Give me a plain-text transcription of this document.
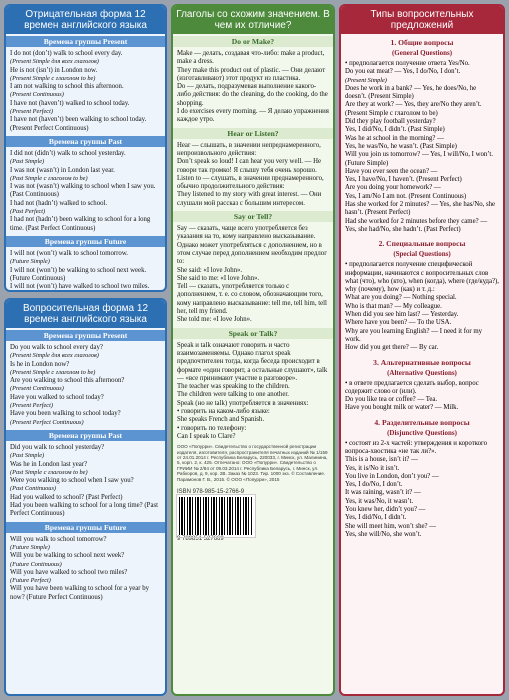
Отрицательная форма 12 времен английского языка
Времена группы Present
I do not (don’t) walk to school every day.
(Present Simple для всех глаголов)
He is not (isn’t) in London now.
(Present Simple с глаголом to be)
I am not walking to school this afternoon.
(Present Continuous)
I have not (haven’t) walked to school today.
(Present Perfect)
I have not (haven’t) been walking to school today. (Present Perfect Continuous)
Времена группы Past
I did not (didn’t) walk to school yesterday.
(Past Simple)
I was not (wasn’t) in London last year.
(Past Simple с глаголом to be)
I was not (wasn’t) walking to school when I saw you. (Past Continuous)
I had not (hadn’t) walked to school.
(Past Perfect)
I had not (hadn’t) been walking to school for a long time. (Past Perfect Continuous)
Времена группы Future
I will not (won’t) walk to school tomorrow.
(Future Simple)
I will not (won’t) be walking to school next week. (Future Continuous)
I will not (won’t) have walked to school two miles.
Вопросительная форма 12 времен английского языка
Времена группы Present
Do you walk to school every day?
(Present Simple для всех глаголов)
Is he in London now?
(Present Simple с глаголом to be)
Are you walking to school this afternoon?
(Present Continuous)
Have you walked to school today?
(Present Perfect)
Have you been walking to school today?
(Present Perfect Continuous)
Времена группы Past
Did you walk to school yesterday?
(Past Simple)
Was he in London last year?
(Past Simple с глаголом to be)
Were you walking to school when I saw you?
(Past Continuous)
Had you walked to school? (Past Perfect)
Had you been walking to school for a long time? (Past Perfect Continuous)
Времена группы Future
Will you walk to school tomorrow?
(Future Simple)
Will you be walking to school next week?
(Future Continuous)
Will you have walked to school two miles?
(Future Perfect)
Will you have been walking to school for a year by now? (Future Perfect Continuous)
Глаголы со схожим значением. В чем их отличие?
Do or Make?
Make — делать, создавая что-либо: make a product, make a dress.
They make this product out of plastic. — Они делают (изготавливают) этот продукт из пластика.
Do — делать, подразумевая выполнение какого-либо действия: do the cleaning, do the cooking, do the shopping.
I do exercises every morning. — Я делаю упражнения каждое утро.
Hear or Listen?
Hear — слышать, в значении непреднамеренного, непроизвольного действия:
Don’t speak so loud! I can hear you very well. — Не говори так громко! Я слышу тебя очень хорошо.
Listen to — слушать, в значении преднамеренного, обычно продолжительного действия:
They listened to my story with great interest. — Они слушали мой рассказ с большим интересом.
Say or Tell?
Say — сказать, чаще всего употребляется без указания на то, кому направлено высказывание. Однако может употребляться с дополнением, но в этом случае перед дополнением необходим предлог to:
She said: «I love John».
She said to me: «I love John».
Tell — сказать, употребляется только с дополнением, т. е. со словом, обозначающим того, кому направлено высказывание: tell me, tell him, tell her, tell my friend.
She told me: «I love John».
Speak or Talk?
Speak и talk означают говорить и часто взаимозаменяемы. Однако глагол speak предпочтителен тогда, когда беседа происходит в формате «один говорит, а остальные слушают», talk — «все принимают участие в разговоре».
The teacher was speaking to the children.
The children were talking to one another.
Speak (но не talk) употребляется в значениях:
• говорить на каком-либо языке:
She speaks French and Spanish.
• говорить по телефону:
Can I speak to Clare?
ООО «Попурри». Свидетельство о государственной регистрации издателя, изготовителя, распространителя печатных изданий № 1/159 от 24.01.2014 г. Республика Беларусь, 220033, г. Минск, ул. Малинина, 5, корп. 2, к. 425. Отпечатано: ООО «Попурри». Свидетельство о ГРИИИ № 2/84 от 09.03.2014 г. Республика Беларусь, г. Минск, ул. Рабкоров, д. 9, кор. 2В. Заказ № 1023. Тир. 1000 экз. © Составление. Парамонов Г. В., 2015. © ООО «Попурри», 2015
ISBN 978-985-15-2766-9
9 789851 527669
Типы вопросительных предложений
1. Общие вопросы
(General Questions)
• предполагается получение ответа Yes/No.
Do you eat meat? — Yes, I do/No, I don’t.
(Present Simple)
Does he work in a bank? — Yes, he does/No, he doesn’t. (Present Simple)
Are they at work? — Yes, they are/No they aren’t. (Present Simple с глаголом to be)
Did they play football yesterday?
Yes, I did/No, I didn’t. (Past Simple)
Was he at school in the morning? —
Yes, he was/No, he wasn’t. (Past Simple)
Will you join us tomorrow? — Yes, I will/No, I won’t. (Future Simple)
Have you ever seen the ocean? —
Yes, I have/No, I haven’t. (Present Perfect)
Are you doing your homework? —
Yes, I am/No I am not. (Present Continuous)
Has she worked for 2 minutes? — Yes, she has/No, she hasn’t. (Present Perfect)
Had she worked for 2 minutes before they came? — Yes, she had/No, she hadn’t. (Past Perfect)
2. Специальные вопросы
(Special Questions)
• предполагается получение специфической информации, начинаются с вопросительных слов what (что), who (кто), when (когда), where (где/куда?), why (почему), how (как) и т. д.:
What are you doing? — Nothing special.
Who is that man? — My colleague.
When did you see him last? — Yesterday.
Where have you been? — To the USA.
Why are you learning English? — I need it for my work.
How did you get there? — By car.
3. Альтернативные вопросы
(Alternative Questions)
• в ответе предлагается сделать выбор, вопрос содержит слово or (или).
Do you like tea or coffee? — Tea.
Have you bought milk or water? — Milk.
4. Разделительные вопросы
(Disjunctive Questions)
• состоят из 2-х частей: утверждения и короткого вопроса-хвостика «не так ли?».
This is a house, isn’t it? —
Yes, it is/No it isn’t.
You live in London, don’t you? —
Yes, I do/No, I don’t.
It was raining, wasn’t it? —
Yes, it was/No, it wasn’t.
You knew her, didn’t you? —
Yes, I did/No, I didn’t.
She will meet him, won’t she? —
Yes, she will/No, she won’t.
